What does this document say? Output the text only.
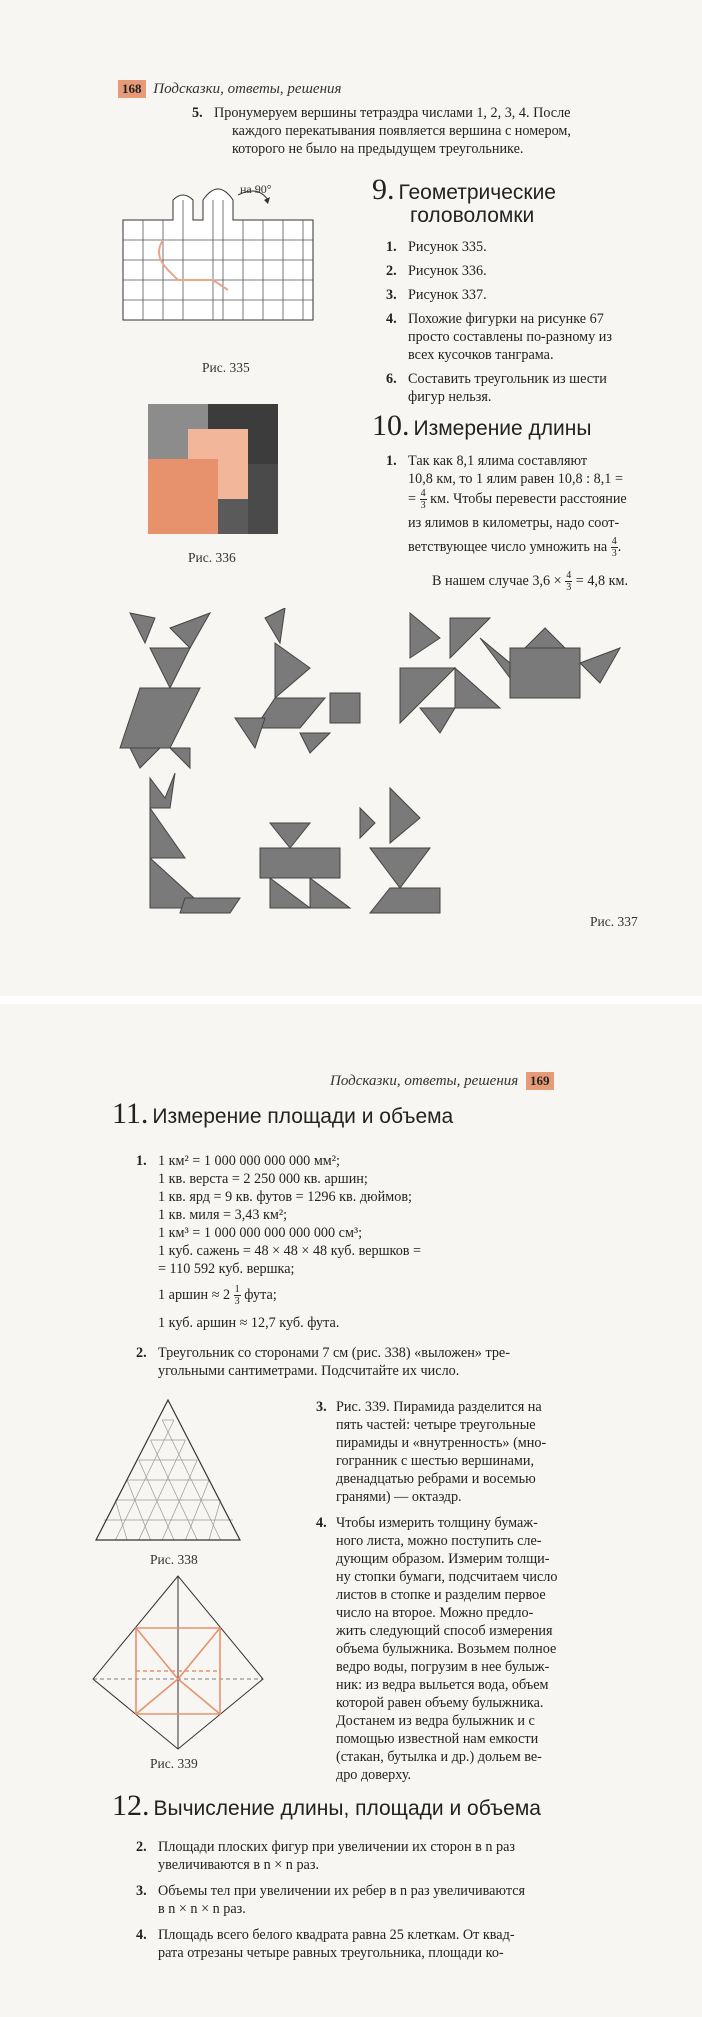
168 Подсказки, ответы, решения
5. Пронумеруем вершины тетраэдра числами 1, 2, 3, 4. После
каждого перекатывания появляется вершина с номером,
которого не было на предыдущем треугольнике.
на 90°
Рис. 335
Рис. 336
9. Геометрические
головоломки
1. Рисунок 335.
2. Рисунок 336.
3. Рисунок 337.
4. Похожие фигурки на рисунке 67
просто составлены по-разному из
всех кусочков танграма.
6. Составить треугольник из шести
фигур нельзя.
10. Измерение длины
1. Так как 8,1 ялима составляют
10,8 км, то 1 ялим равен 10,8 : 8,1 =
= $\frac{4}{3}$ км. Чтобы перевести расстояние
из ялимов в километры, надо соот-
ветствующее число умножить на $\frac{4}{3}$ .
В нашем случае $3,6 \times \frac{4}{3} = 4,8$ км.
Рис. 337
Подсказки, ответы, решения 169
11. Измерение площади и объема
1. 1 км² = 1 000 000 000 000 мм²;
1 кв. верста = 2 250 000 кв. аршин;
1 кв. ярд = 9 кв. футов = 1296 кв. дюймов;
1 кв. миля = 3,43 км²;
1 км³ = 1 000 000 000 000 000 см³;
1 куб. сажень = 48 × 48 × 48 куб. вершков =
= 110 592 куб. вершка;
1 аршин ≈ $2 \frac{1}{3}$ фута;
1 куб. аршин ≈ 12,7 куб. фута.
2. Треугольник со сторонами 7 см (рис. 338) «выложен» тре-
угольными сантиметрами. Подсчитайте их число.
Рис. 338
Рис. 339
3. Рис. 339. Пирамида разделится на
пять частей: четыре треугольные
пирамиды и «внутренность» (мно-
гогранник с шестью вершинами,
двенадцатью ребрами и восемью
гранями) — октаэдр.
4. Чтобы измерить толщину бумаж-
ного листа, можно поступить сле-
дующим образом. Измерим толщи-
ну стопки бумаги, подсчитаем число
листов в стопке и разделим первое
число на второе. Можно предло-
жить следующий способ измерения
объема булыжника. Возьмем полное
ведро воды, погрузим в нее булыж-
ник: из ведра выльется вода, объем
которой равен объему булыжника.
Достанем из ведра булыжник и с
помощью известной нам емкости
(стакан, бутылка и др.) дольем ве-
дро доверху.
12. Вычисление длины, площади и объема
2. Площади плоских фигур при увеличении их сторон в n раз
увеличиваются в n × n раз.
3. Объемы тел при увеличении их ребер в n раз увеличиваются
в n × n × n раз.
4. Площадь всего белого квадрата равна 25 клеткам. От квад-
рата отрезаны четыре равных треугольника, площади ко-
